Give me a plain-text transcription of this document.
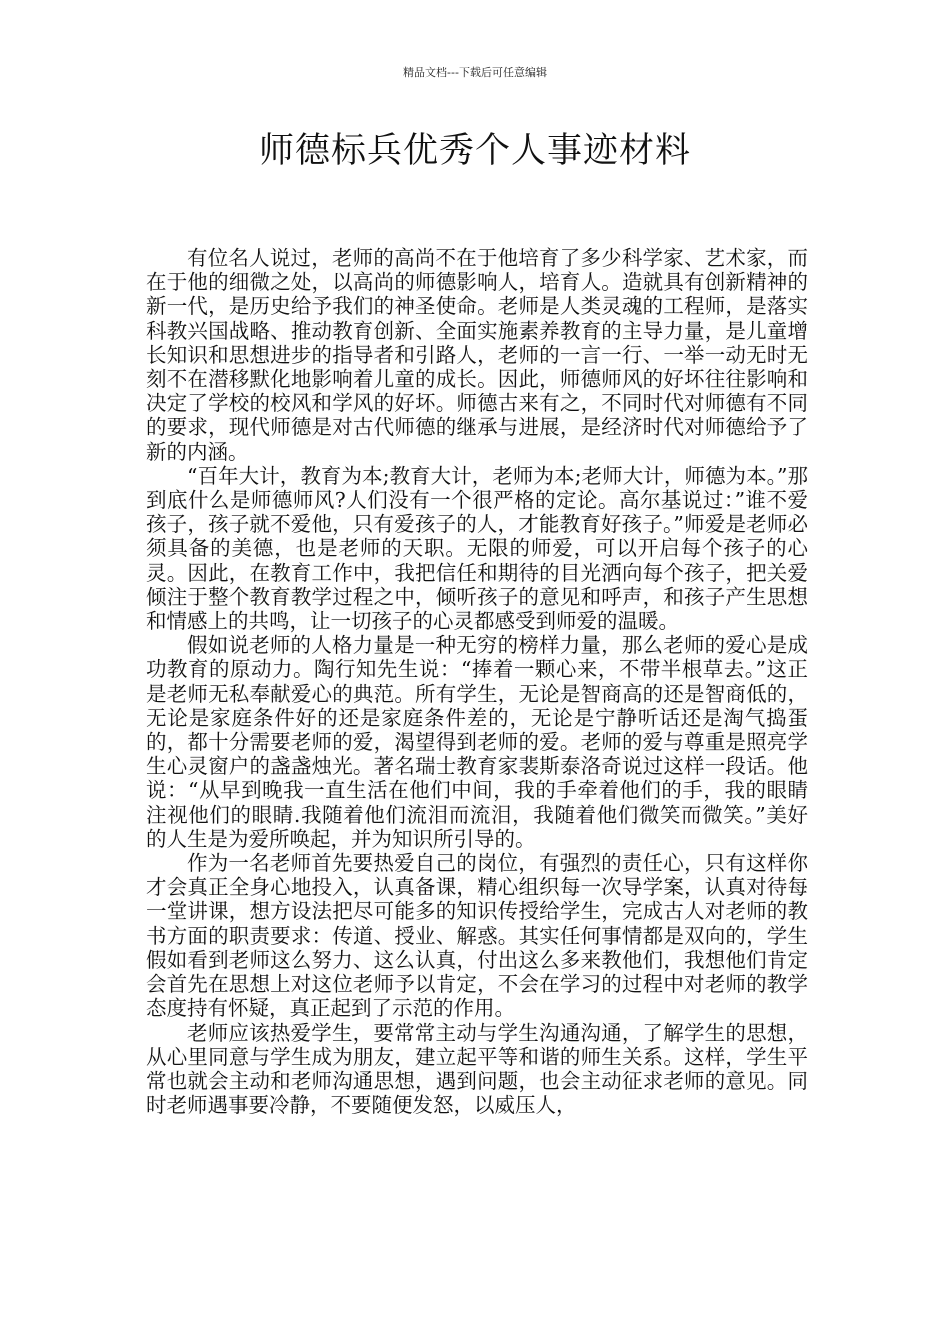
精品文档---下载后可任意编辑
师德标兵优秀个人事迹材料

有位名人说过，老师的高尚不在于他培育了多少科学家、艺术家，而在于他的细微之处，以高尚的师德影响人，培育人。造就具有创新精神的新一代，是历史给予我们的神圣使命。老师是人类灵魂的工程师，是落实科教兴国战略、推动教育创新、全面实施素养教育的主导力量，是儿童增长知识和思想进步的指导者和引路人，老师的一言一行、一举一动无时无刻不在潜移默化地影响着儿童的成长。因此，师德师风的好坏往往影响和决定了学校的校风和学风的好坏。师德古来有之，不同时代对师德有不同的要求，现代师德是对古代师德的继承与进展，是经济时代对师德给予了新的内涵。

“百年大计，教育为本;教育大计，老师为本;老师大计，师德为本。”那到底什么是师德师风?人们没有一个很严格的定论。高尔基说过：”谁不爱孩子，孩子就不爱他，只有爱孩子的人，才能教育好孩子。”师爱是老师必须具备的美德，也是老师的天职。无限的师爱，可以开启每个孩子的心灵。因此，在教育工作中，我把信任和期待的目光洒向每个孩子，把关爱倾注于整个教育教学过程之中，倾听孩子的意见和呼声，和孩子产生思想和情感上的共鸣，让一切孩子的心灵都感受到师爱的温暖。

假如说老师的人格力量是一种无穷的榜样力量，那么老师的爱心是成功教育的原动力。陶行知先生说：“捧着一颗心来，不带半根草去。”这正是老师无私奉献爱心的典范。所有学生，无论是智商高的还是智商低的，无论是家庭条件好的还是家庭条件差的，无论是宁静听话还是淘气捣蛋的，都十分需要老师的爱，渴望得到老师的爱。老师的爱与尊重是照亮学生心灵窗户的盏盏烛光。著名瑞士教育家裴斯泰洛奇说过这样一段话。他说：“从早到晚我一直生活在他们中间，我的手牵着他们的手，我的眼睛注视他们的眼睛.我随着他们流泪而流泪，我随着他们微笑而微笑。”美好的人生是为爱所唤起，并为知识所引导的。

作为一名老师首先要热爱自己的岗位，有强烈的责任心，只有这样你才会真正全身心地投入，认真备课，精心组织每一次导学案，认真对待每一堂讲课，想方设法把尽可能多的知识传授给学生，完成古人对老师的教书方面的职责要求：传道、授业、解惑。其实任何事情都是双向的，学生假如看到老师这么努力、这么认真，付出这么多来教他们，我想他们肯定会首先在思想上对这位老师予以肯定，不会在学习的过程中对老师的教学态度持有怀疑，真正起到了示范的作用。

老师应该热爱学生，要常常主动与学生沟通沟通，了解学生的思想，从心里同意与学生成为朋友，建立起平等和谐的师生关系。这样，学生平常也就会主动和老师沟通思想，遇到问题，也会主动征求老师的意见。同时老师遇事要冷静，不要随便发怒，以威压人，
